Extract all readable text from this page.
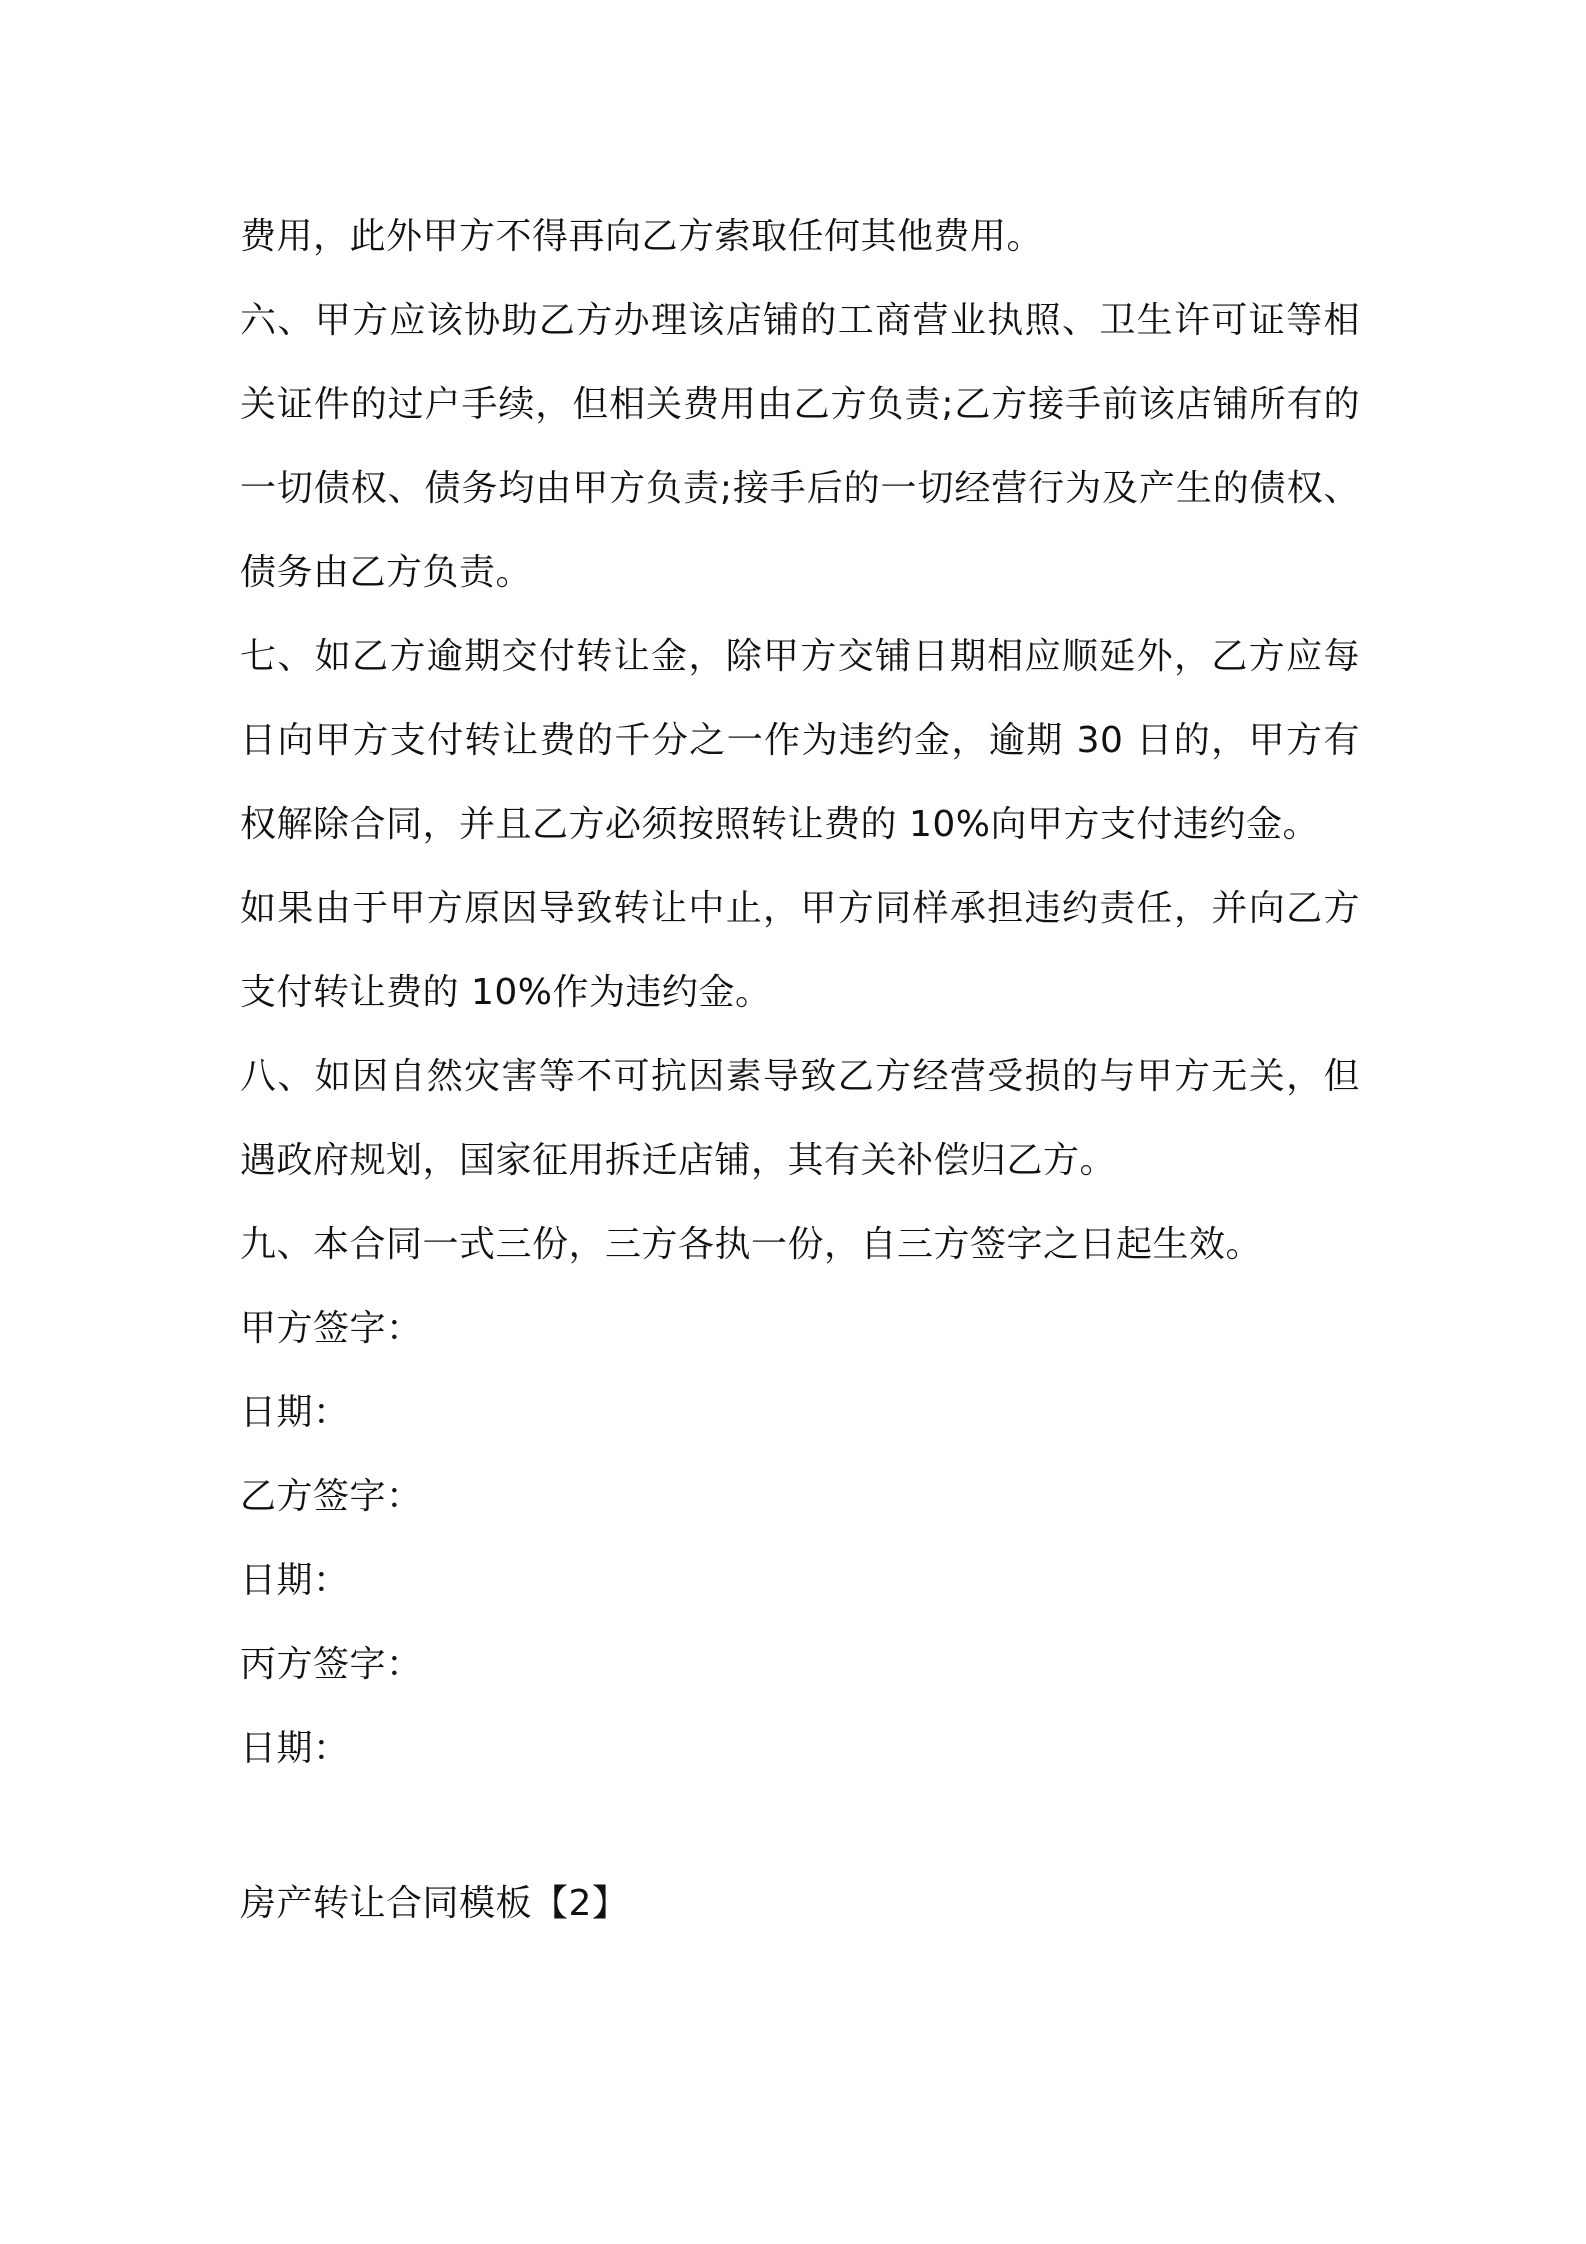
费用，此外甲方不得再向乙方索取任何其他费用。

六、甲方应该协助乙方办理该店铺的工商营业执照、卫生许可证等相关证件的过户手续，但相关费用由乙方负责;乙方接手前该店铺所有的一切债权、债务均由甲方负责;接手后的一切经营行为及产生的债权、债务由乙方负责。

七、如乙方逾期交付转让金，除甲方交铺日期相应顺延外，乙方应每日向甲方支付转让费的千分之一作为违约金，逾期 30 日的，甲方有权解除合同，并且乙方必须按照转让费的 10%向甲方支付违约金。

如果由于甲方原因导致转让中止，甲方同样承担违约责任，并向乙方支付转让费的 10%作为违约金。

八、如因自然灾害等不可抗因素导致乙方经营受损的与甲方无关，但遇政府规划，国家征用拆迁店铺，其有关补偿归乙方。

九、本合同一式三份，三方各执一份，自三方签字之日起生效。

甲方签字：

日期：

乙方签字：

日期：

丙方签字：

日期：

房产转让合同模板【2】
